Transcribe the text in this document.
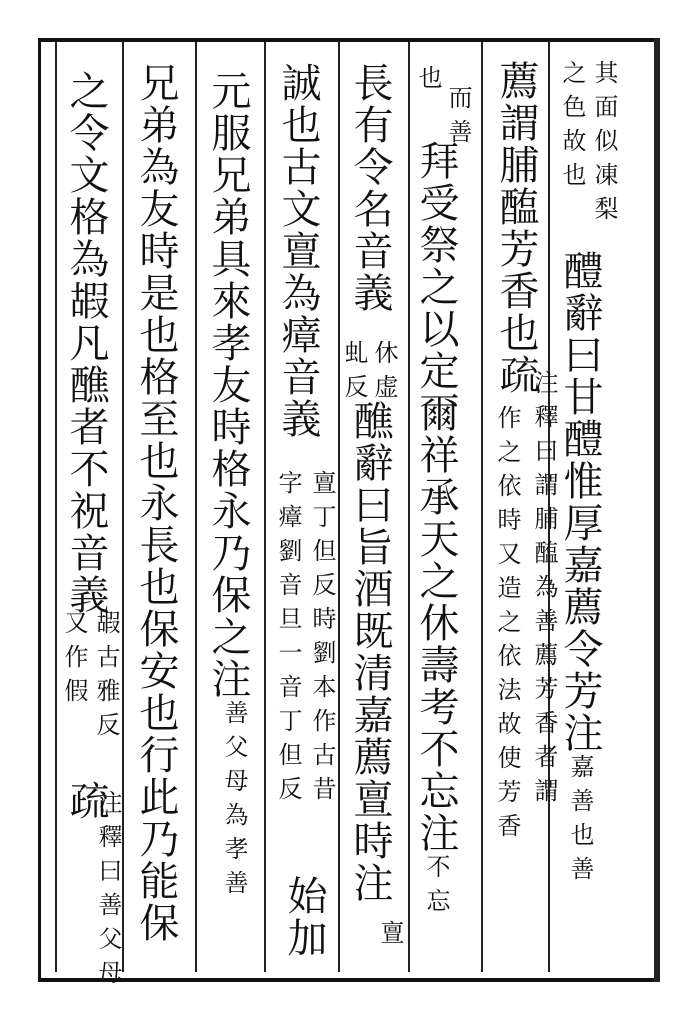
其面似凍梨
之色故也
醴辭曰甘醴惟厚嘉薦令芳注嘉善也善
薦謂脯醢芳香也疏
注釋曰謂脯醢為善薦芳香者謂
作之依時又造之依法故使芳香
而善
拜受祭之以定爾祥承天之休壽考不忘注不忘
也
長有令名音義
休虚
虬反
醮辭曰旨酒既清嘉薦亶時注
亶
誠也古文亶為瘴音義
亶丁但反時劉本作古昔
字瘴劉音旦一音丁但反
始加
元服兄弟具來孝友時格永乃保之注
善父母為孝善
兄弟為友時是也格至也永長也保安也行此乃能保
之令文格為嘏凡醮者不祝音義
嘏古雅反
又作假
疏
注釋曰善父母
